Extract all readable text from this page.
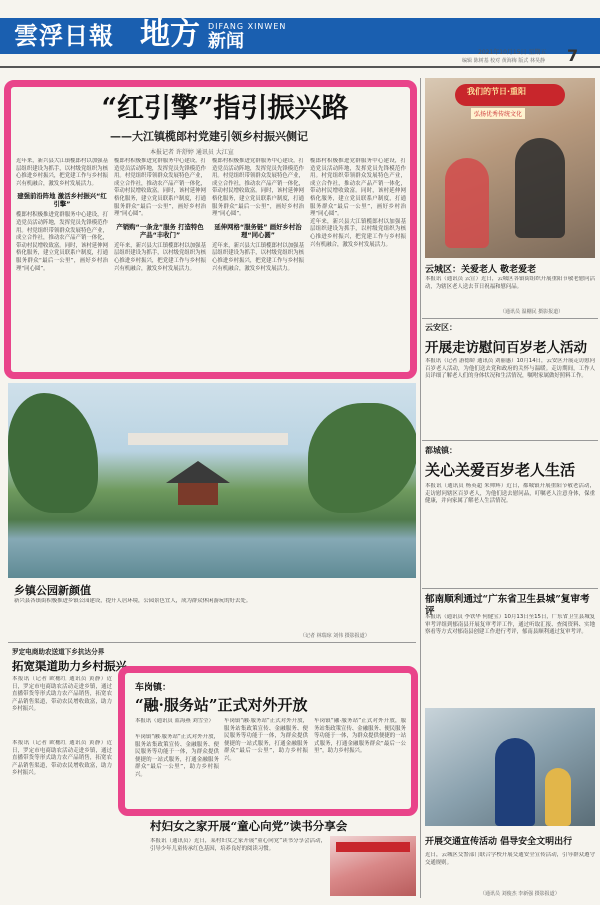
雲浮日報 地方 DIFANG XINWEN
新闻
2021年10月15日 星期五
编辑 陈树基 校对 黄海梅 版式 林昊静 7
“红引擎”指引振兴路
——大江镇榄郎村党建引领乡村振兴侧记
本报记者 许舒婷 通讯员 大江宣
近年来，新兴县大江镇榄郎村以加强基层组织建设为抓手，以村级党组织为核心推进乡村振兴，把党建工作与乡村振兴有机融合，激发乡村发展活力。
建强前沿阵地 激活乡村振兴“红引擎”
榄郎村积极推进党群服务中心建设，打造党员活动阵地，发挥党员先锋模范作用。村党组织带领群众发展特色产业，成立合作社，推动农产品产销一体化，带动村民增收致富。同时，该村延伸网格化服务，建立党员联系户制度，打通服务群众“最后一公里”，画好乡村治理“同心圆”。
榄郎村积极推进党群服务中心建设，打造党员活动阵地，发挥党员先锋模范作用。村党组织带领群众发展特色产业，成立合作社，推动农产品产销一体化，带动村民增收致富。同时，该村延伸网格化服务，建立党员联系户制度，打通服务群众“最后一公里”，画好乡村治理“同心圆”。
产销购“一条龙”服务 打造特色产品“丰收门”
近年来，新兴县大江镇榄郎村以加强基层组织建设为抓手，以村级党组织为核心推进乡村振兴，把党建工作与乡村振兴有机融合，激发乡村发展活力。
榄郎村积极推进党群服务中心建设，打造党员活动阵地，发挥党员先锋模范作用。村党组织带领群众发展特色产业，成立合作社，推动农产品产销一体化，带动村民增收致富。同时，该村延伸网格化服务，建立党员联系户制度，打通服务群众“最后一公里”，画好乡村治理“同心圆”。
延伸网格“服务链” 画好乡村治理“同心圆”
近年来，新兴县大江镇榄郎村以加强基层组织建设为抓手，以村级党组织为核心推进乡村振兴，把党建工作与乡村振兴有机融合，激发乡村发展活力。
榄郎村积极推进党群服务中心建设，打造党员活动阵地，发挥党员先锋模范作用。村党组织带领群众发展特色产业，成立合作社，推动农产品产销一体化，带动村民增收致富。同时，该村延伸网格化服务，建立党员联系户制度，打通服务群众“最后一公里”，画好乡村治理“同心圆”。
近年来，新兴县大江镇榄郎村以加强基层组织建设为抓手，以村级党组织为核心推进乡村振兴，把党建工作与乡村振兴有机融合，激发乡村发展活力。
我们的节日·重阳
弘扬优秀传统文化
云城区：关爱老人 敬老爱老
本报讯（通讯员 云宣）近日，云城区各镇街组织开展重阳节敬老慰问活动，为辖区老人送去节日祝福和慰问品。
（通讯员 温棚民 摄影报道）
云安区：
开展走访慰问百岁老人活动
本报讯（记者 游德娇 通讯员 刘丽惠）10月14日，云安区开展走访慰问百岁老人活动，为他们送去党和政府的关怀与温暖。走访期间，工作人员详细了解老人们的身体状况和生活情况，嘱咐家属做好照料工作。
都城镇：
关心关爱百岁老人生活
本报讯（通讯员 杨英超 朱帅辉）近日，都城镇开展重阳节敬老活动，走访慰问辖区百岁老人，为他们送去慰问品，叮嘱老人注意身体，保重健康，并向家属了解老人生活情况。
乡镇公园新颜值
新兴县各镇街积极推进乡镇公园建设，提升人居环境，公园景色宜人，成为群众休闲游玩的好去处。
（记者 林瑞琼 刘伟 摄影报道）
郁南顺利通过“广东省卫生县城”复审考评
本报讯（通讯员 李铁华 何健宝）10月13日至15日，广东省卫生县城复审考评组到郁南县开展复审考评工作，通过听取汇报、查阅资料、实地察看等方式对郁南县创建工作进行考评，郁南县顺利通过复审考评。
罗定电商助农送道下乡抗达分界
拓宽渠道助力乡村振兴
本报讯（记者 欧穗红 通讯员 黄静）近日，罗定市电商助农活动走进乡镇，通过直播带货等形式助力农产品销售，拓宽农产品销售渠道，带动农民增收致富，助力乡村振兴。
本报讯（记者 欧穗红 通讯员 黄静）近日，罗定市电商助农活动走进乡镇，通过直播带货等形式助力农产品销售，拓宽农产品销售渠道，带动农民增收致富，助力乡村振兴。
车岗镇：
“融·服务站”正式对外开放
本报讯（通讯员 蓝海燕 刘雪莹）
车岗镇“融·服务站”正式对外开放，服务站集政策宣传、金融服务、便民服务等功能于一体，为群众提供便捷的一站式服务，打通金融服务群众“最后一公里”，助力乡村振兴。
车岗镇“融·服务站”正式对外开放，服务站集政策宣传、金融服务、便民服务等功能于一体，为群众提供便捷的一站式服务，打通金融服务群众“最后一公里”，助力乡村振兴。
车岗镇“融·服务站”正式对外开放，服务站集政策宣传、金融服务、便民服务等功能于一体，为群众提供便捷的一站式服务，打通金融服务群众“最后一公里”，助力乡村振兴。
村妇女之家开展“童心向党”读书分享会
本报讯（通讯员）近日，某村妇女之家开展“童心向党”读书分享会活动，引导少年儿童传承红色基因，培养良好的阅读习惯。
开展交通宣传活动 倡导安全文明出行
近日，云城区交警部门联合学校开展交通安全宣传活动，引导群众遵守交通规则。
（通讯员 刘俊杰 李新强 摄影报道）
